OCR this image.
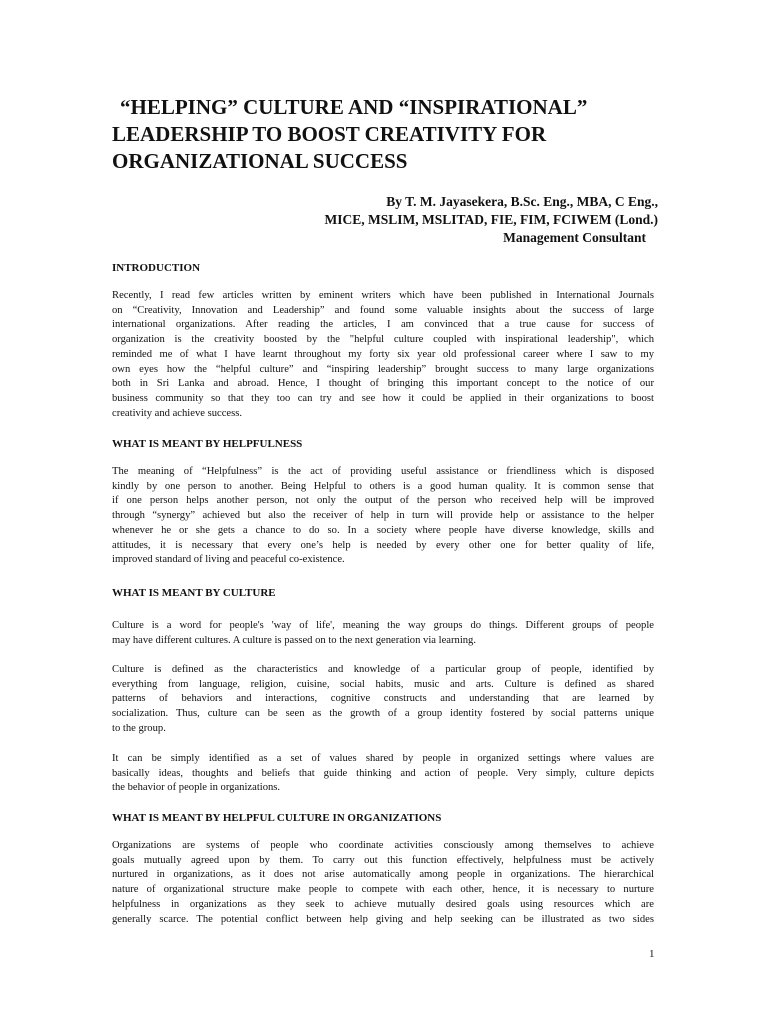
“HELPING” CULTURE AND “INSPIRATIONAL”
LEADERSHIP TO BOOST CREATIVITY FOR
ORGANIZATIONAL SUCCESS
By T. M. Jayasekera, B.Sc. Eng., MBA, C Eng.,
MICE, MSLIM, MSLITAD, FIE, FIM, FCIWEM (Lond.)
Management Consultant
INTRODUCTION

Recently, I read few articles written by eminent writers which have been published in International Journals
on “Creativity, Innovation and Leadership” and found some valuable insights about the success of large
international organizations. After reading the articles, I am convinced that a true cause for success of
organization is the creativity boosted by the "helpful culture coupled with inspirational leadership", which
reminded me of what I have learnt throughout my forty six year old professional career where I saw to my
own eyes how the “helpful culture” and “inspiring leadership” brought success to many large organizations
both in Sri Lanka and abroad. Hence, I thought of bringing this important concept to the notice of our
business community so that they too can try and see how it could be applied in their organizations to boost
creativity and achieve success.

WHAT IS MEANT BY HELPFULNESS

The meaning of “Helpfulness” is the act of providing useful assistance or friendliness which is disposed
kindly by one person to another. Being Helpful to others is a good human quality. It is common sense that
if one person helps another person, not only the output of the person who received help will be improved
through “synergy” achieved but also the receiver of help in turn will provide help or assistance to the helper
whenever he or she gets a chance to do so. In a society where people have diverse knowledge, skills and
attitudes, it is necessary that every one’s help is needed by every other one for better quality of life,
improved standard of living and peaceful co-existence.

WHAT IS MEANT BY CULTURE

Culture is a word for people's 'way of life', meaning the way groups do things. Different groups of people
may have different cultures. A culture is passed on to the next generation via learning.

Culture is defined as the characteristics and knowledge of a particular group of people, identified by
everything from language, religion, cuisine, social habits, music and arts. Culture is defined as shared
patterns of behaviors and interactions, cognitive constructs and understanding that are learned by
socialization. Thus, culture can be seen as the growth of a group identity fostered by social patterns unique
to the group.

It can be simply identified as a set of values shared by people in organized settings where values are
basically ideas, thoughts and beliefs that guide thinking and action of people. Very simply, culture depicts
the behavior of people in organizations.

WHAT IS MEANT BY HELPFUL CULTURE IN ORGANIZATIONS

Organizations are systems of people who coordinate activities consciously among themselves to achieve
goals mutually agreed upon by them. To carry out this function effectively, helpfulness must be actively
nurtured in organizations, as it does not arise automatically among people in organizations. The hierarchical
nature of organizational structure make people to compete with each other, hence, it is necessary to nurture
helpfulness in organizations as they seek to achieve mutually desired goals using resources which are
generally scarce. The potential conflict between help giving and help seeking can be illustrated as two sides

1
